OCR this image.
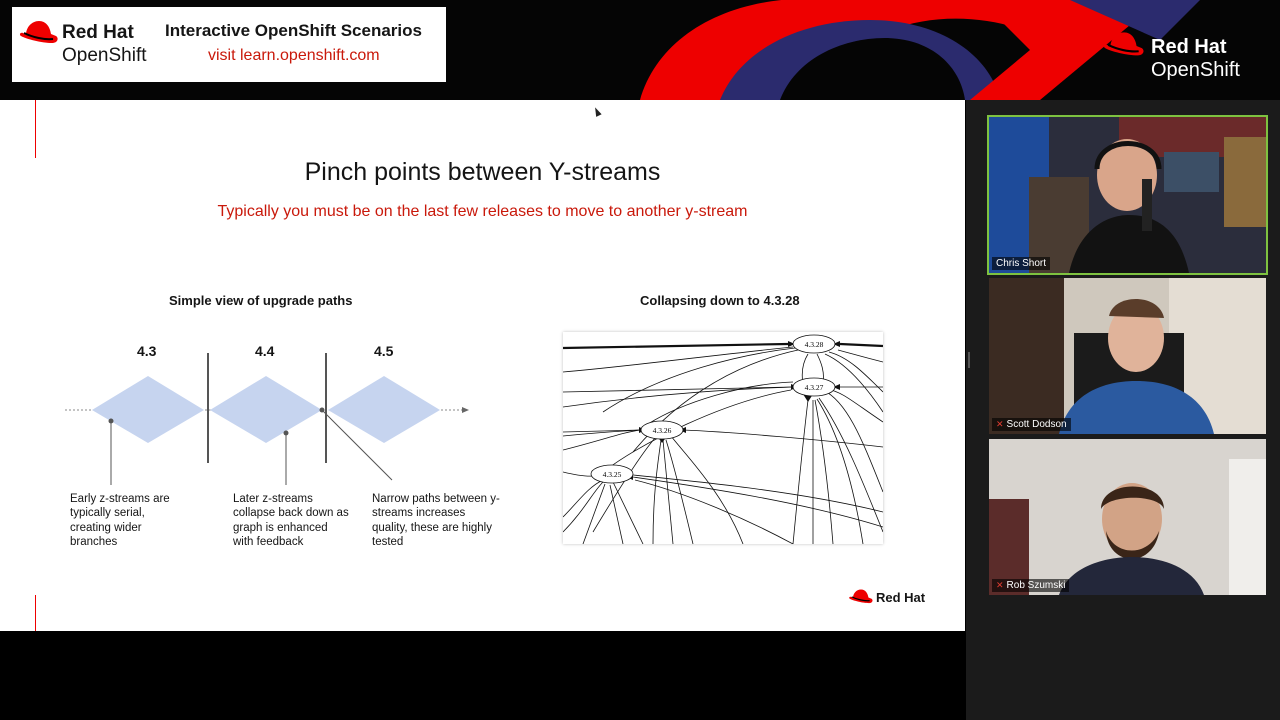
Red Hat
OpenShift
Interactive OpenShift Scenarios
visit learn.openshift.com	Red Hat
OpenShift
Pinch points between Y-streams
Typically you must be on the last few releases to move to another y-stream
Simple view of upgrade paths
4.3	4.4	4.5
Early z-streams are typically serial, creating wider branches
Later z-streams collapse back down as graph is enhanced with feedback
Narrow paths between y-streams increases quality, these are highly tested
Collapsing down to 4.3.28
4.3.28
4.3.27
4.3.26
4.3.25
Red Hat
Chris Short
✕ Scott Dodson
✕ Rob Szumski
